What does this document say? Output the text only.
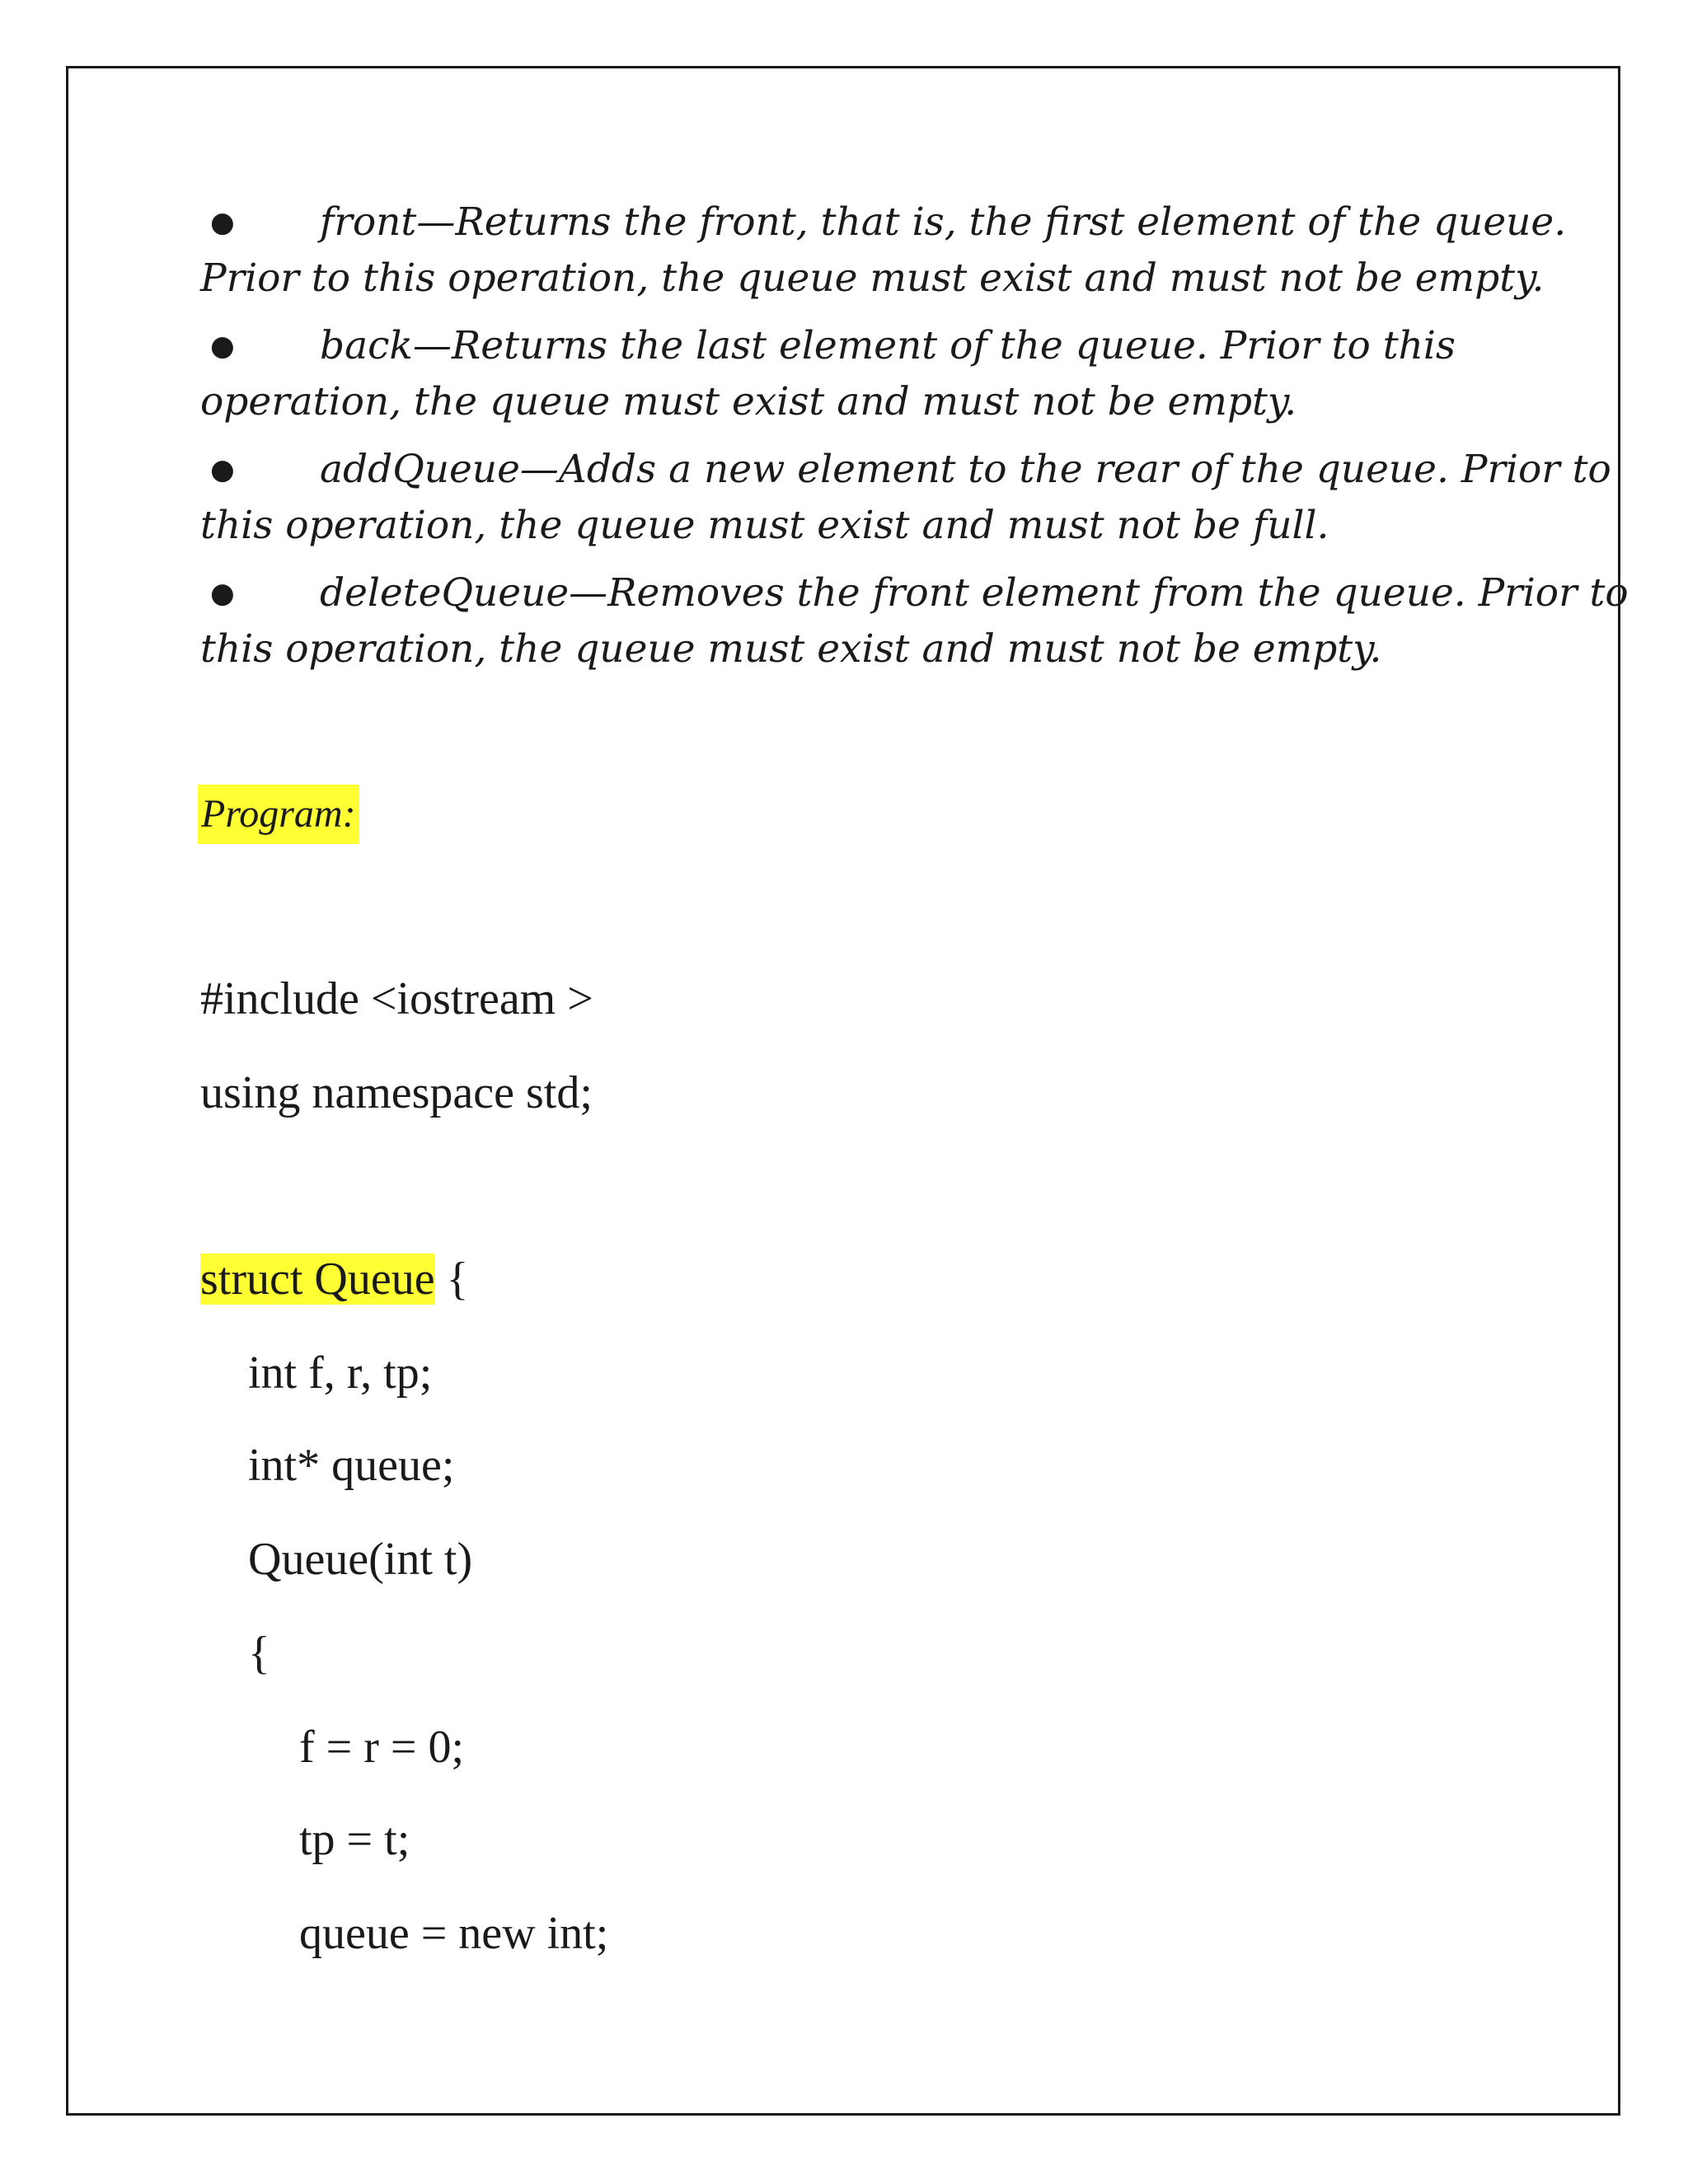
●	front—Returns the front, that is, the first element of the queue.
Prior to this operation, the queue must exist and must not be empty.
●	back—Returns the last element of the queue. Prior to this
operation, the queue must exist and must not be empty.
●	addQueue—Adds a new element to the rear of the queue. Prior to
this operation, the queue must exist and must not be full.
●	deleteQueue—Removes the front element from the queue. Prior to
this operation, the queue must exist and must not be empty.
Program:
#include <iostream >
using namespace std;
struct Queue {
int f, r, tp;
int* queue;
Queue(int t)
{
f = r = 0;
tp = t;
queue = new int;
